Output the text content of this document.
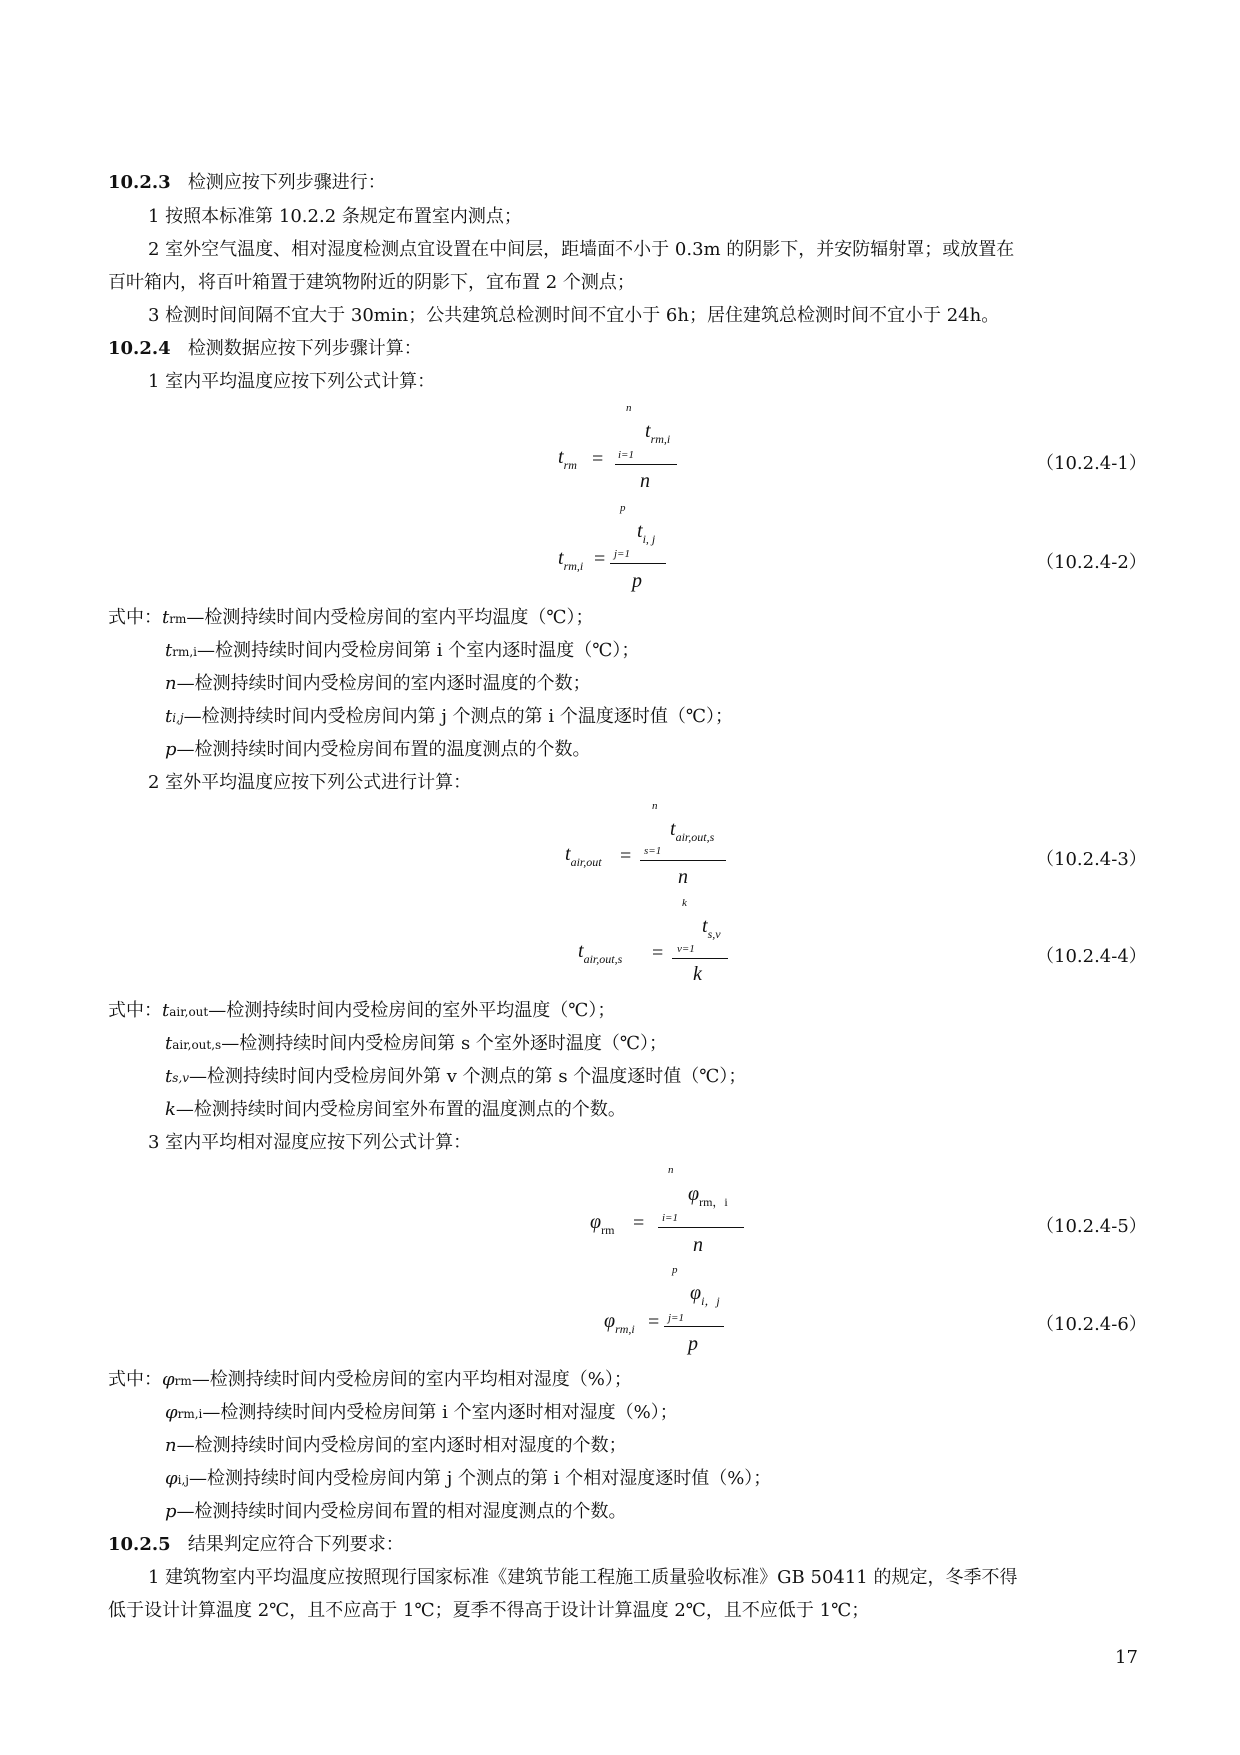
10.2.3 检测应按下列步骤进行：
1 按照本标准第 10.2.2 条规定布置室内测点；
2 室外空气温度、相对湿度检测点宜设置在中间层，距墙面不小于 0.3m 的阴影下，并安防辐射罩；或放置在
百叶箱内，将百叶箱置于建筑物附近的阴影下，宜布置 2 个测点；
3 检测时间间隔不宜大于 30min；公共建筑总检测时间不宜小于 6h；居住建筑总检测时间不宜小于 24h。
10.2.4 检测数据应按下列步骤计算：
1 室内平均温度应按下列公式计算：
n
$t_{rm,i}$
$t_{rm} = i=1$
n
（10.2.4-1）
p
$t_{i, j}$
$t_{rm,i} = j=1$
p
（10.2.4-2）
式中：trm—检测持续时间内受检房间的室内平均温度（℃）；
trm,i—检测持续时间内受检房间第 i 个室内逐时温度（℃）；
n—检测持续时间内受检房间的室内逐时温度的个数；
ti,j—检测持续时间内受检房间内第 j 个测点的第 i 个温度逐时值（℃）；
p—检测持续时间内受检房间布置的温度测点的个数。
2 室外平均温度应按下列公式进行计算：
n
$t_{air,out,s}$
$t_{air,out} = s=1$
n
（10.2.4-3）
k
$t_{s,v}$
$t_{air,out,s} = v=1$
k
（10.2.4-4）
式中：tair,out—检测持续时间内受检房间的室外平均温度（℃）；
tair,out,s—检测持续时间内受检房间第 s 个室外逐时温度（℃）；
ts,v—检测持续时间内受检房间外第 v 个测点的第 s 个温度逐时值（℃）；
k—检测持续时间内受检房间室外布置的温度测点的个数。
3 室内平均相对湿度应按下列公式计算：
n
$\varphi_{rm,i}$
$\varphi_{rm} = i=1$
n
（10.2.4-5）
p
$\varphi_{i,j}$
$\varphi_{rm,i} = j=1$
p
（10.2.4-6）
式中：φrm—检测持续时间内受检房间的室内平均相对湿度（%）；
φrm,i—检测持续时间内受检房间第 i 个室内逐时相对湿度（%）；
n—检测持续时间内受检房间的室内逐时相对湿度的个数；
φi,j—检测持续时间内受检房间内第 j 个测点的第 i 个相对湿度逐时值（%）；
p—检测持续时间内受检房间布置的相对湿度测点的个数。
10.2.5 结果判定应符合下列要求：
1 建筑物室内平均温度应按照现行国家标准《建筑节能工程施工质量验收标准》GB 50411 的规定，冬季不得
低于设计计算温度 2℃，且不应高于 1℃；夏季不得高于设计计算温度 2℃，且不应低于 1℃；
17
